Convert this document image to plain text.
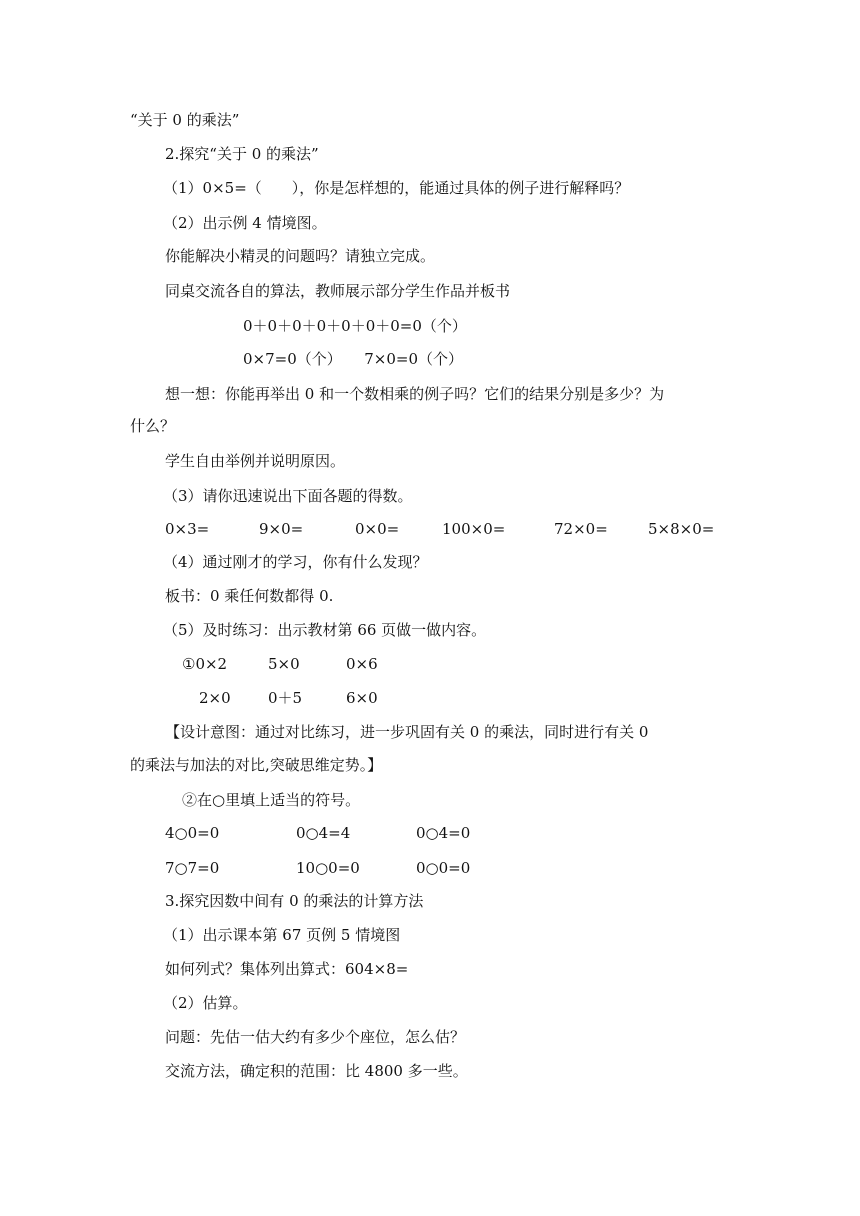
“关于 0 的乘法”
2.探究“关于 0 的乘法”
（1）0×5=（　　），你是怎样想的，能通过具体的例子进行解释吗？
（2）出示例 4 情境图。
你能解决小精灵的问题吗？请独立完成。
同桌交流各自的算法，教师展示部分学生作品并板书
0＋0＋0＋0＋0＋0＋0=0（个）
0×7=0（个）　　7×0=0（个）
想一想：你能再举出 0 和一个数相乘的例子吗？它们的结果分别是多少？为
什么？
学生自由举例并说明原因。
（3）请你迅速说出下面各题的得数。
0×3=	9×0=	0×0=	100×0=	72×0=	5×8×0=
（4）通过刚才的学习，你有什么发现？
板书：0 乘任何数都得 0.
（5）及时练习：出示教材第 66 页做一做内容。
①0×2	5×0	0×6
2×0 0＋5	6×0
【设计意图：通过对比练习，进一步巩固有关 0 的乘法，同时进行有关 0
的乘法与加法的对比,突破思维定势。】
②在○里填上适当的符号。
4○0=0	0○4=4	0○4=0
7○7=0	10○0=0	0○0=0
3.探究因数中间有 0 的乘法的计算方法
（1）出示课本第 67 页例 5 情境图
如何列式？集体列出算式：604×8=
（2）估算。
问题：先估一估大约有多少个座位，怎么估？
交流方法，确定积的范围：比 4800 多一些。
